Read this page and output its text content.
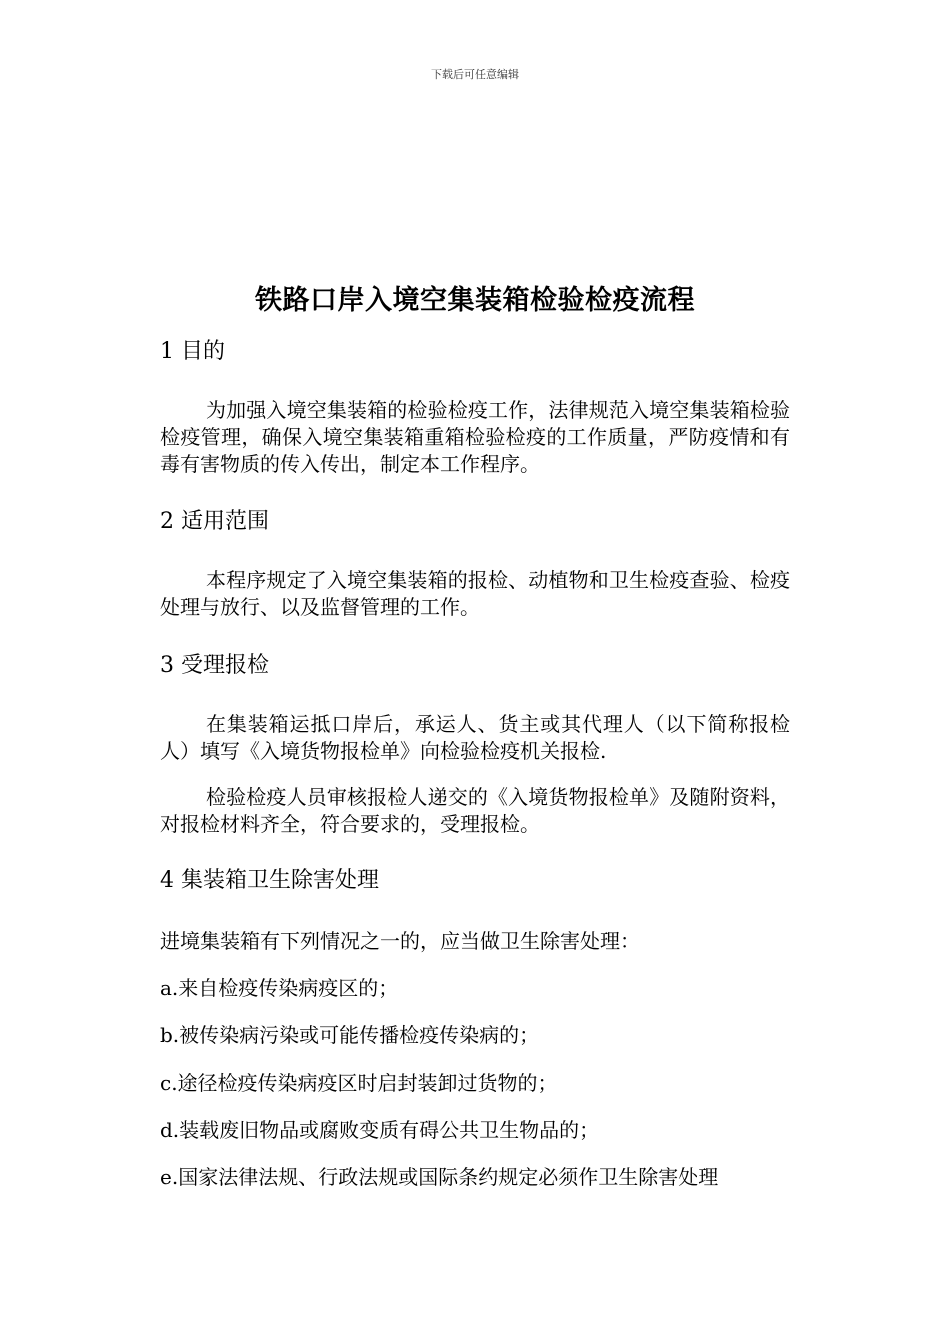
下载后可任意编辑
铁路口岸入境空集装箱检验检疫流程
1 目的
为加强入境空集装箱的检验检疫工作，法律规范入境空集装箱检验检疫管理，确保入境空集装箱重箱检验检疫的工作质量，严防疫情和有毒有害物质的传入传出，制定本工作程序。
2 适用范围
本程序规定了入境空集装箱的报检、动植物和卫生检疫查验、检疫处理与放行、以及监督管理的工作。
3 受理报检
在集装箱运抵口岸后，承运人、货主或其代理人（以下简称报检人）填写《入境货物报检单》向检验检疫机关报检.
检验检疫人员审核报检人递交的《入境货物报检单》及随附资料，对报检材料齐全，符合要求的，受理报检。
4 集装箱卫生除害处理
进境集装箱有下列情况之一的，应当做卫生除害处理：
a.来自检疫传染病疫区的；
b.被传染病污染或可能传播检疫传染病的；
c.途径检疫传染病疫区时启封装卸过货物的；
d.装载废旧物品或腐败变质有碍公共卫生物品的；
e.国家法律法规、行政法规或国际条约规定必须作卫生除害处理
